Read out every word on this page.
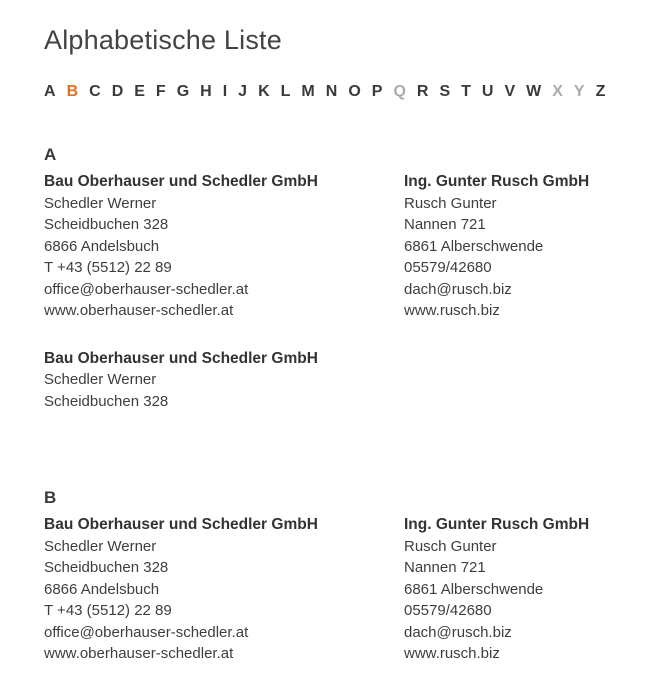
Alphabetische Liste
A B C D E F G H I J K L M N O P Q R S T U V W X Y Z
A
Bau Oberhauser und Schedler GmbH
Schedler Werner
Scheidbuchen 328
6866 Andelsbuch
T +43 (5512) 22 89
office@oberhauser-schedler.at
www.oberhauser-schedler.at
Ing. Gunter Rusch GmbH
Rusch Gunter
Nannen 721
6861 Alberschwende
05579/42680
dach@rusch.biz
www.rusch.biz
Bau Oberhauser und Schedler GmbH
Schedler Werner
Scheidbuchen 328
B
Bau Oberhauser und Schedler GmbH
Schedler Werner
Scheidbuchen 328
6866 Andelsbuch
T +43 (5512) 22 89
office@oberhauser-schedler.at
www.oberhauser-schedler.at
Ing. Gunter Rusch GmbH
Rusch Gunter
Nannen 721
6861 Alberschwende
05579/42680
dach@rusch.biz
www.rusch.biz
